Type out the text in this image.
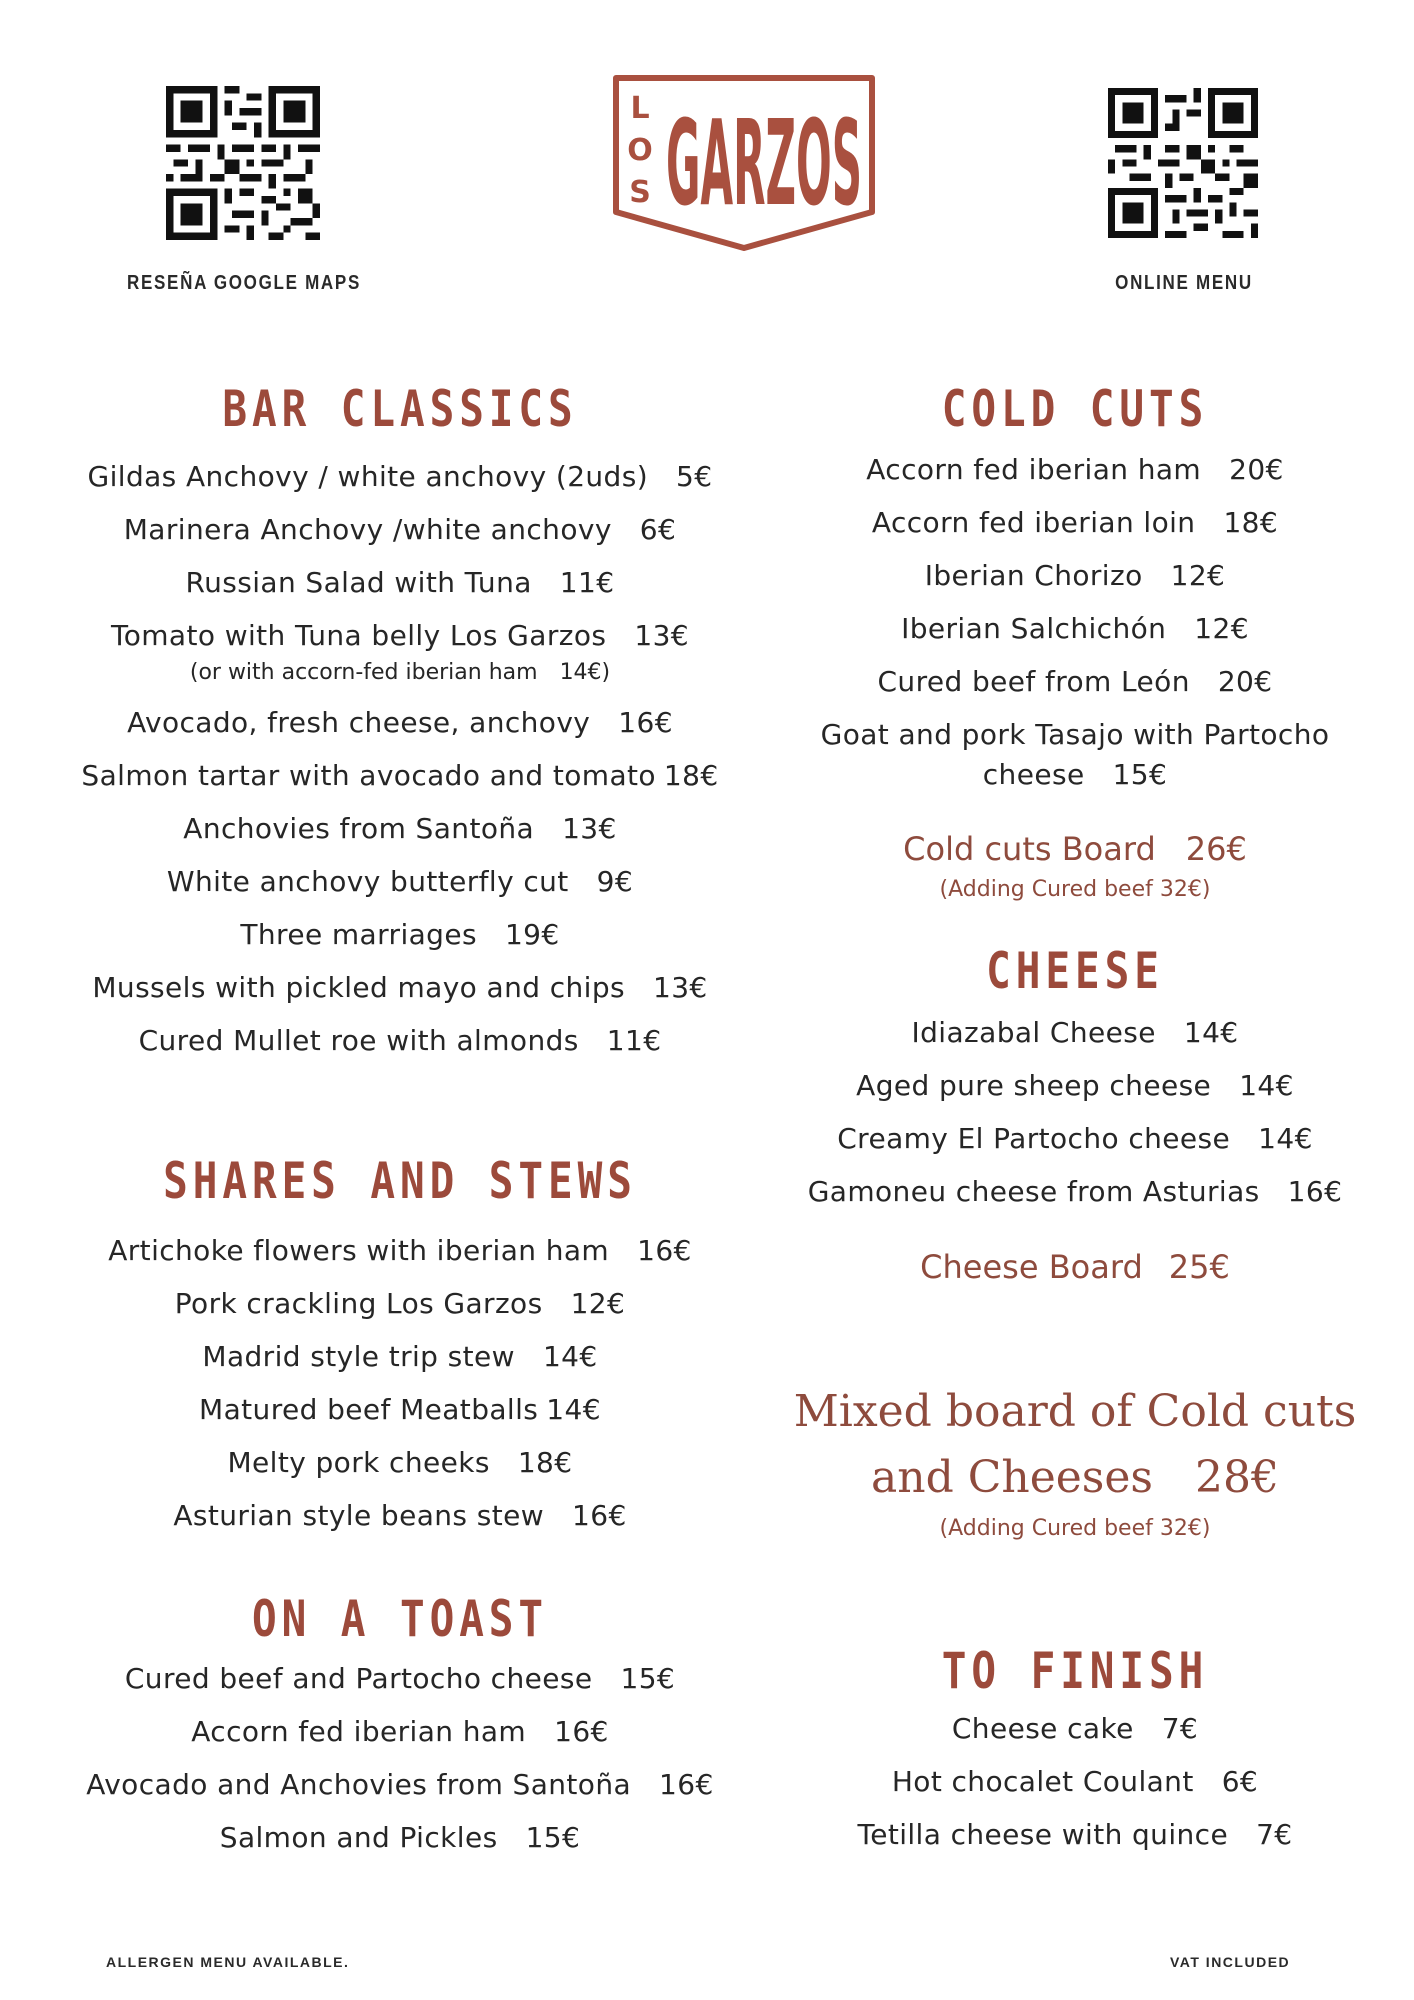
RESEÑA GOOGLE MAPS
L
O
S GARZOS
ONLINE MENU
BAR CLASSICS
Gildas Anchovy / white anchovy (2uds) 5€
Marinera Anchovy /white anchovy 6€
Russian Salad with Tuna 11€
Tomato with Tuna belly Los Garzos 13€
(or with accorn-fed iberian ham 14€)
Avocado, fresh cheese, anchovy 16€
Salmon tartar with avocado and tomato 18€
Anchovies from Santoña 13€
White anchovy butterfly cut 9€
Three marriages 19€
Mussels with pickled mayo and chips 13€
Cured Mullet roe with almonds 11€
SHARES AND STEWS
Artichoke flowers with iberian ham 16€
Pork crackling Los Garzos 12€
Madrid style trip stew 14€
Matured beef Meatballs 14€
Melty pork cheeks 18€
Asturian style beans stew 16€
ON A TOAST
Cured beef and Partocho cheese 15€
Accorn fed iberian ham 16€
Avocado and Anchovies from Santoña 16€
Salmon and Pickles 15€
COLD CUTS
Accorn fed iberian ham 20€
Accorn fed iberian loin 18€
Iberian Chorizo 12€
Iberian Salchichón 12€
Cured beef from León 20€
Goat and pork Tasajo with Partocho
cheese 15€
Cold cuts Board 26€
(Adding Cured beef 32€)
CHEESE
Idiazabal Cheese 14€
Aged pure sheep cheese 14€
Creamy El Partocho cheese 14€
Gamoneu cheese from Asturias 16€
Cheese Board 25€
Mixed board of Cold cuts
and Cheeses 28€
(Adding Cured beef 32€)
TO FINISH
Cheese cake 7€
Hot chocalet Coulant 6€
Tetilla cheese with quince 7€
ALLERGEN MENU AVAILABLE.	VAT INCLUDED
